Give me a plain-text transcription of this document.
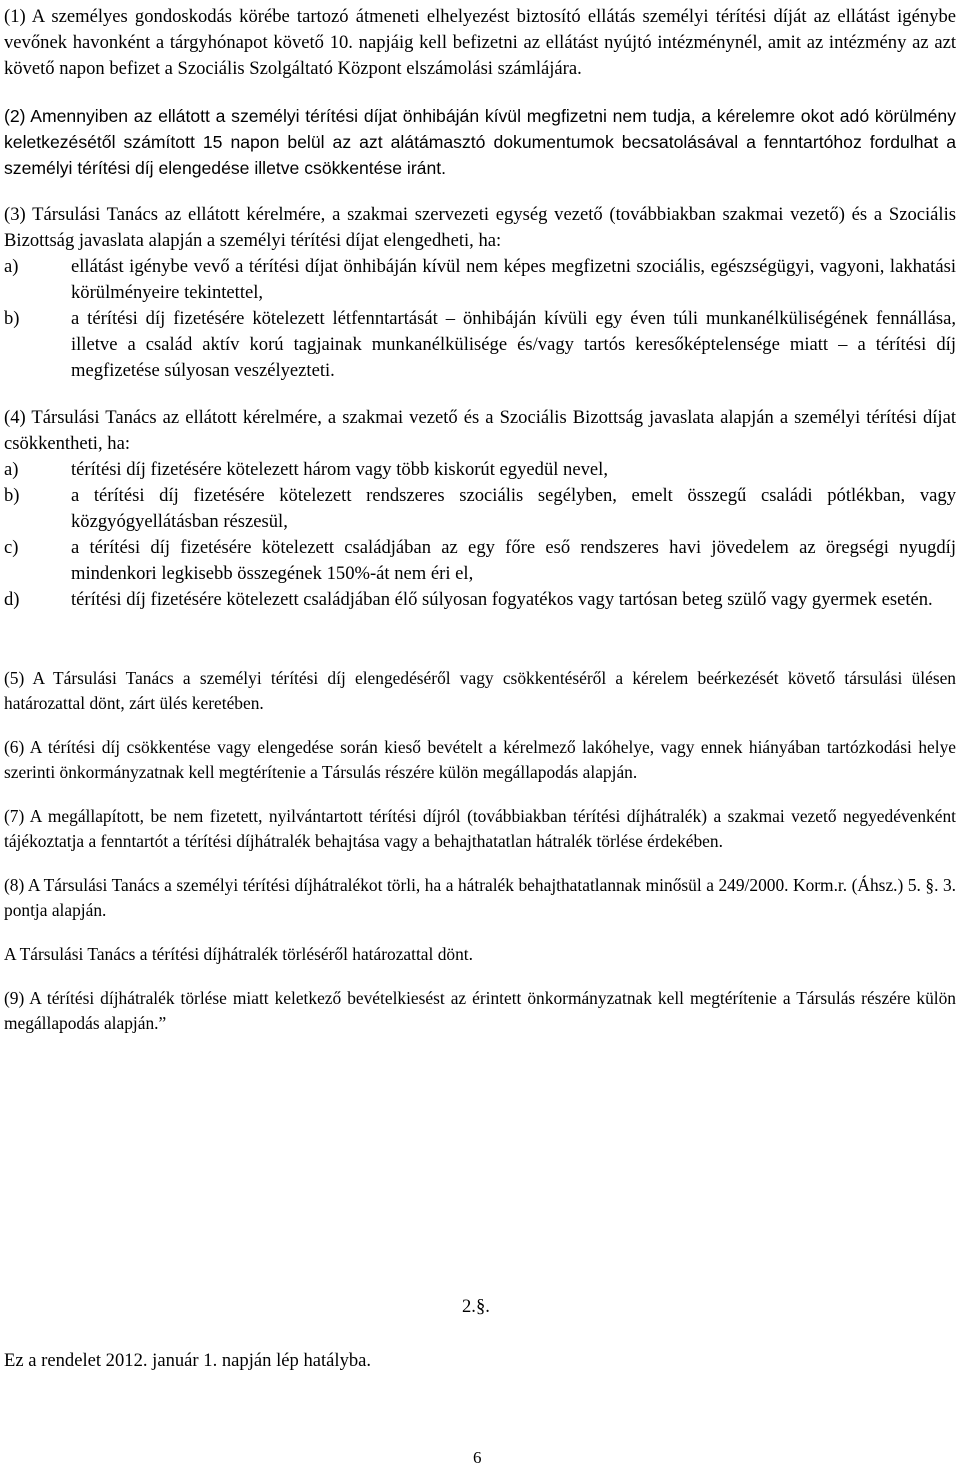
(1) A személyes gondoskodás körébe tartozó átmeneti elhelyezést biztosító ellátás személyi térítési díját az ellátást igénybe vevőnek havonként a tárgyhónapot követő 10. napjáig kell befizetni az ellátást nyújtó intézménynél, amit az intézmény az azt követő napon befizet a Szociális Szolgáltató Központ elszámolási számlájára.

(2) Amennyiben az ellátott a személyi térítési díjat önhibáján kívül megfizetni nem tudja, a kérelemre okot adó körülmény keletkezésétől számított 15 napon belül az azt alátámasztó dokumentumok becsatolásával a fenntartóhoz fordulhat a személyi térítési díj elengedése illetve csökkentése iránt.

(3) Társulási Tanács az ellátott kérelmére, a szakmai szervezeti egység vezető (továbbiakban szakmai vezető) és a Szociális Bizottság javaslata alapján a személyi térítési díjat elengedheti, ha:

a)	ellátást igénybe vevő a térítési díjat önhibáján kívül nem képes megfizetni szociális, egészségügyi, vagyoni, lakhatási körülményeire tekintettel,
b)	a térítési díj fizetésére kötelezett létfenntartását – önhibáján kívüli egy éven túli munkanélküliségének fennállása, illetve a család aktív korú tagjainak munkanélkülisége és/vagy tartós keresőképtelensége miatt – a térítési díj megfizetése súlyosan veszélyezteti.

(4) Társulási Tanács az ellátott kérelmére, a szakmai vezető és a Szociális Bizottság javaslata alapján a személyi térítési díjat csökkentheti, ha:

a)	térítési díj fizetésére kötelezett három vagy több kiskorút egyedül nevel,
b)	a térítési díj fizetésére kötelezett rendszeres szociális segélyben, emelt összegű családi pótlékban, vagy közgyógyellátásban részesül,
c)	a térítési díj fizetésére kötelezett családjában az egy főre eső rendszeres havi jövedelem az öregségi nyugdíj mindenkori legkisebb összegének 150%-át nem éri el,
d)	térítési díj fizetésére kötelezett családjában élő súlyosan fogyatékos vagy tartósan beteg szülő vagy gyermek esetén.

(5) A Társulási Tanács a személyi térítési díj elengedéséről vagy csökkentéséről a kérelem beérkezését követő társulási ülésen határozattal dönt, zárt ülés keretében.

(6) A térítési díj csökkentése vagy elengedése során kieső bevételt a kérelmező lakóhelye, vagy ennek hiányában tartózkodási helye szerinti önkormányzatnak kell megtérítenie a Társulás részére külön megállapodás alapján.

(7) A megállapított, be nem fizetett, nyilvántartott térítési díjról (továbbiakban térítési díjhátralék) a szakmai vezető negyedévenként tájékoztatja a fenntartót a térítési díjhátralék behajtása vagy a behajthatatlan hátralék törlése érdekében.

(8) A Társulási Tanács a személyi térítési díjhátralékot törli, ha a hátralék behajthatatlannak minősül a 249/2000. Korm.r. (Áhsz.) 5. §. 3. pontja alapján.

A Társulási Tanács a térítési díjhátralék törléséről határozattal dönt.

(9) A térítési díjhátralék törlése miatt keletkező bevételkiesést az érintett önkormányzatnak kell megtérítenie a Társulás részére külön megállapodás alapján.”

2.§.
Ez a rendelet 2012. január 1. napján lép hatályba.
6
